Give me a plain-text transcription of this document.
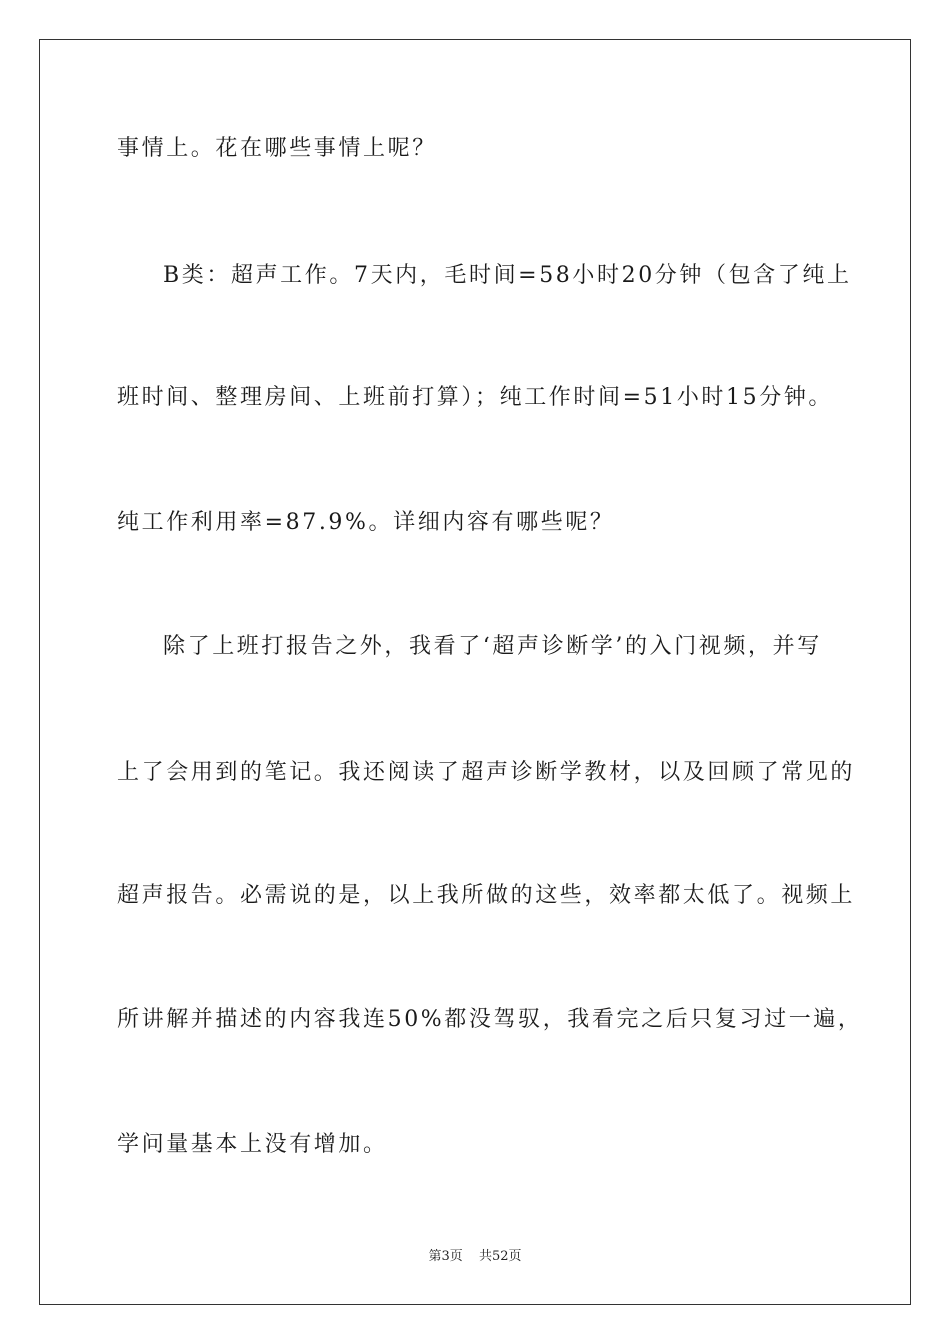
事情上。花在哪些事情上呢？
B类：超声工作。7天内，毛时间=58小时20分钟（包含了纯上
班时间、整理房间、上班前打算）；纯工作时间=51小时15分钟。
纯工作利用率=87.9%。详细内容有哪些呢？
除了上班打报告之外，我看了‘超声诊断学’的入门视频，并写
上了会用到的笔记。我还阅读了超声诊断学教材，以及回顾了常见的
超声报告。必需说的是，以上我所做的这些，效率都太低了。视频上
所讲解并描述的内容我连50%都没驾驭，我看完之后只复习过一遍，
学问量基本上没有增加。
第3页 共52页
